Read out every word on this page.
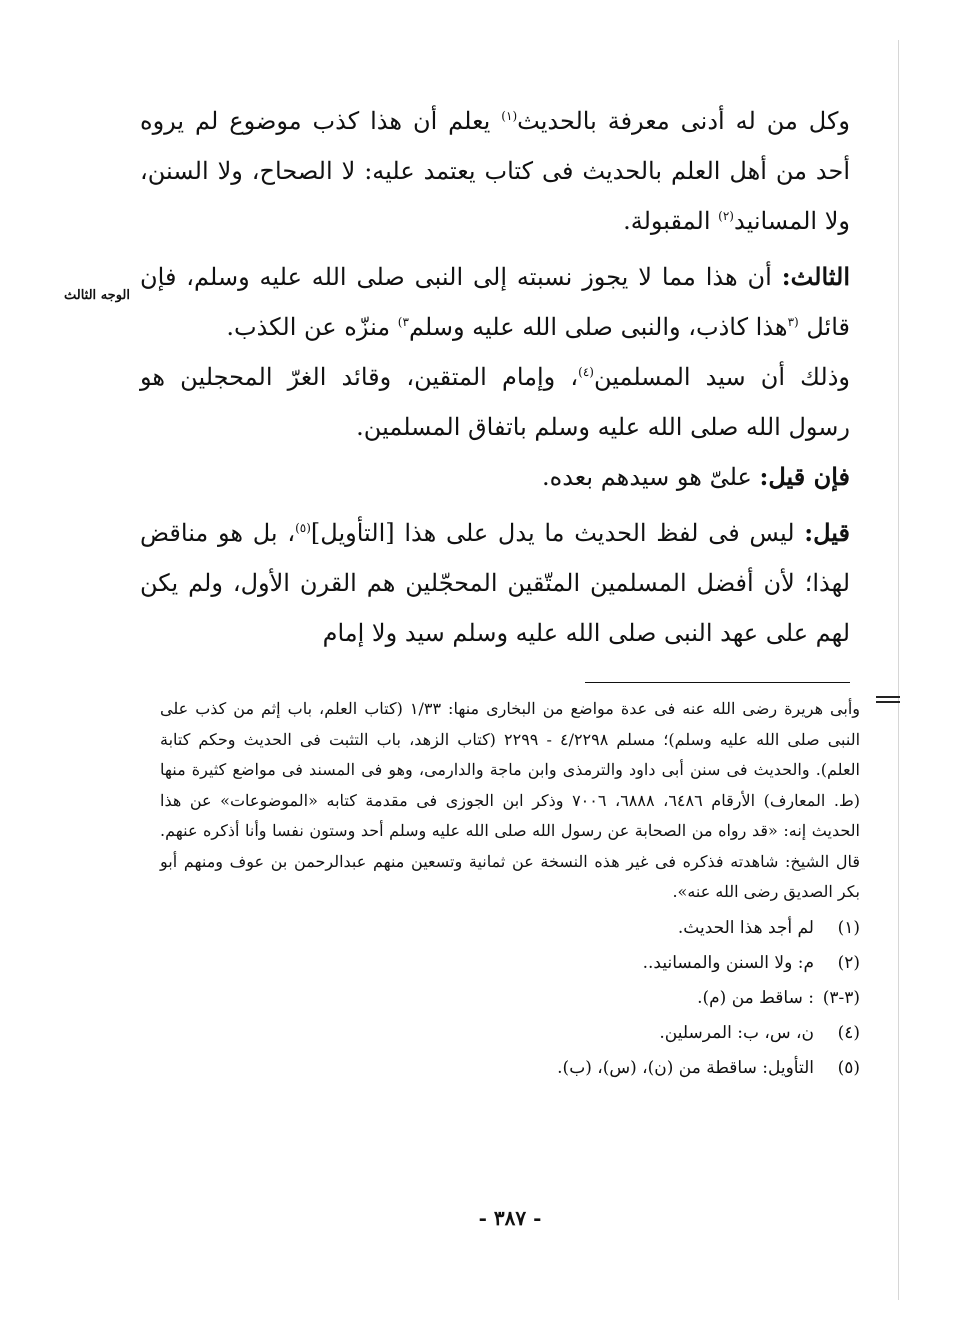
الوجه الثالث

وكل من له أدنى معرفة بالحديث$^{(١)}$ يعلم أن هذا كذب موضوع لم يروه أحد من أهل العلم بالحديث فى كتاب يعتمد عليه: لا الصحاح، ولا السنن، ولا المسانيد$^{(٢)}$ المقبولة.

الثالث: أن هذا مما لا يجوز نسبته إلى النبى صلى الله عليه وسلم، فإن قائل $^{(٣}$هذا كاذب، والنبى صلى الله عليه وسلم$^{٣)}$ منزّه عن الكذب.

وذلك أن سيد المسلمين$^{(٤)}$، وإمام المتقين، وقائد الغرّ المحجلين هو رسول الله صلى الله عليه وسلم باتفاق المسلمين.

فإن قيل: علىّ هو سيدهم بعده.

قيل: ليس فى لفظ الحديث ما يدل على هذا [التأويل]$^{(٥)}$، بل هو مناقض لهذا؛ لأن أفضل المسلمين المتّقين المحجّلين هم القرن الأول، ولم يكن لهم على عهد النبى صلى الله عليه وسلم سيد ولا إمام

وأبى هريرة رضى الله عنه فى عدة مواضع من البخارى منها: ١/٣٣ (كتاب العلم، باب إثم من كذب على النبى صلى الله عليه وسلم)؛ مسلم ٤/٢٢٩٨ - ٢٢٩٩ (كتاب الزهد، باب التثبت فى الحديث وحكم كتابة العلم). والحديث فى سنن أبى داود والترمذى وابن ماجة والدارمى، وهو فى المسند فى مواضع كثيرة منها (ط. المعارف) الأرقام ٦٤٨٦، ٦٨٨٨، ٧٠٠٦ وذكر ابن الجوزى فى مقدمة كتابه «الموضوعات» عن هذا الحديث إنه: «قد رواه من الصحابة عن رسول الله صلى الله عليه وسلم أحد وستون نفسا وأنا أذكره عنهم. قال الشيخ: شاهدته فذكره فى غير هذه النسخة عن ثمانية وتسعين منهم عبدالرحمن بن عوف ومنهم أبو بكر الصديق رضى الله عنه».

(١)
لم أجد هذا الحديث.
(٢)
م: ولا السنن والمسانيد..
(٣-٣)
: ساقط من (م).
(٤)
ن، س، ب: المرسلين.
(٥)
التأويل: ساقطة من (ن)، (س)، (ب).
- ٣٨٧ -
